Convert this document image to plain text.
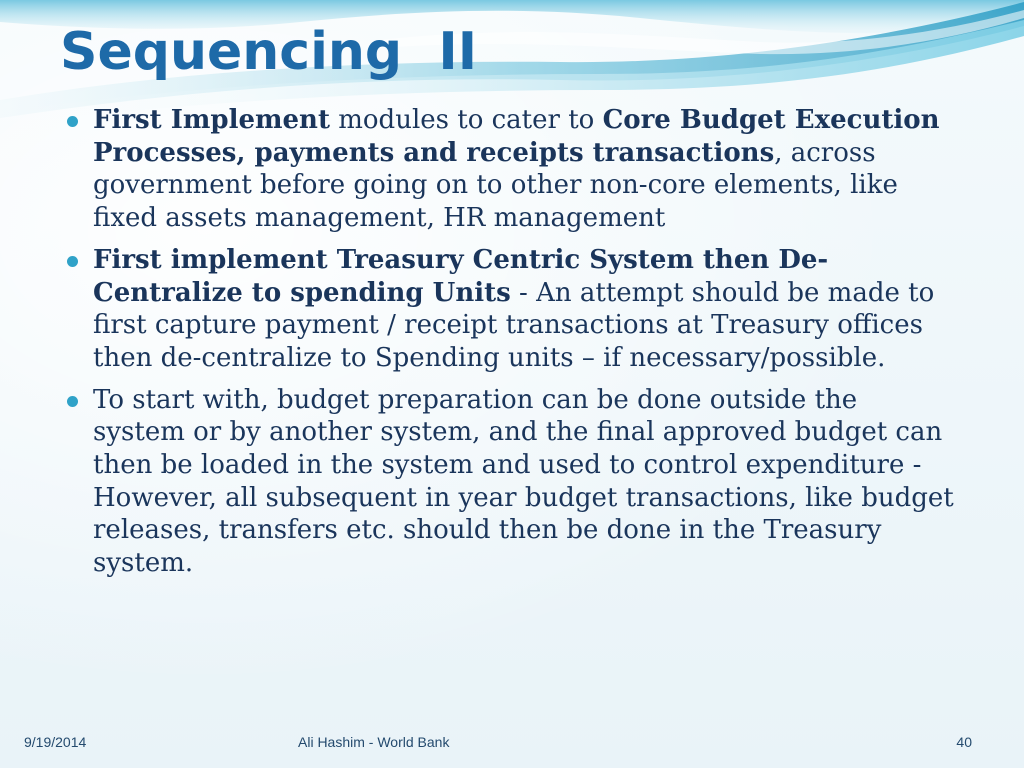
Sequencing  II
First Implement modules to cater to Core Budget Execution Processes, payments and receipts transactions, across government before going on to other non-core elements, like fixed assets management, HR management
First implement Treasury Centric System then De-Centralize to spending Units - An attempt should be made to first capture payment / receipt transactions at Treasury offices then de-centralize to Spending units – if necessary/possible.
To start with, budget preparation can be done outside the system or by another system, and the final approved budget can then be loaded in the system and used to control expenditure - However, all subsequent in year budget transactions, like budget releases, transfers etc. should then be done in the Treasury system.
9/19/2014	Ali Hashim - World Bank	40
